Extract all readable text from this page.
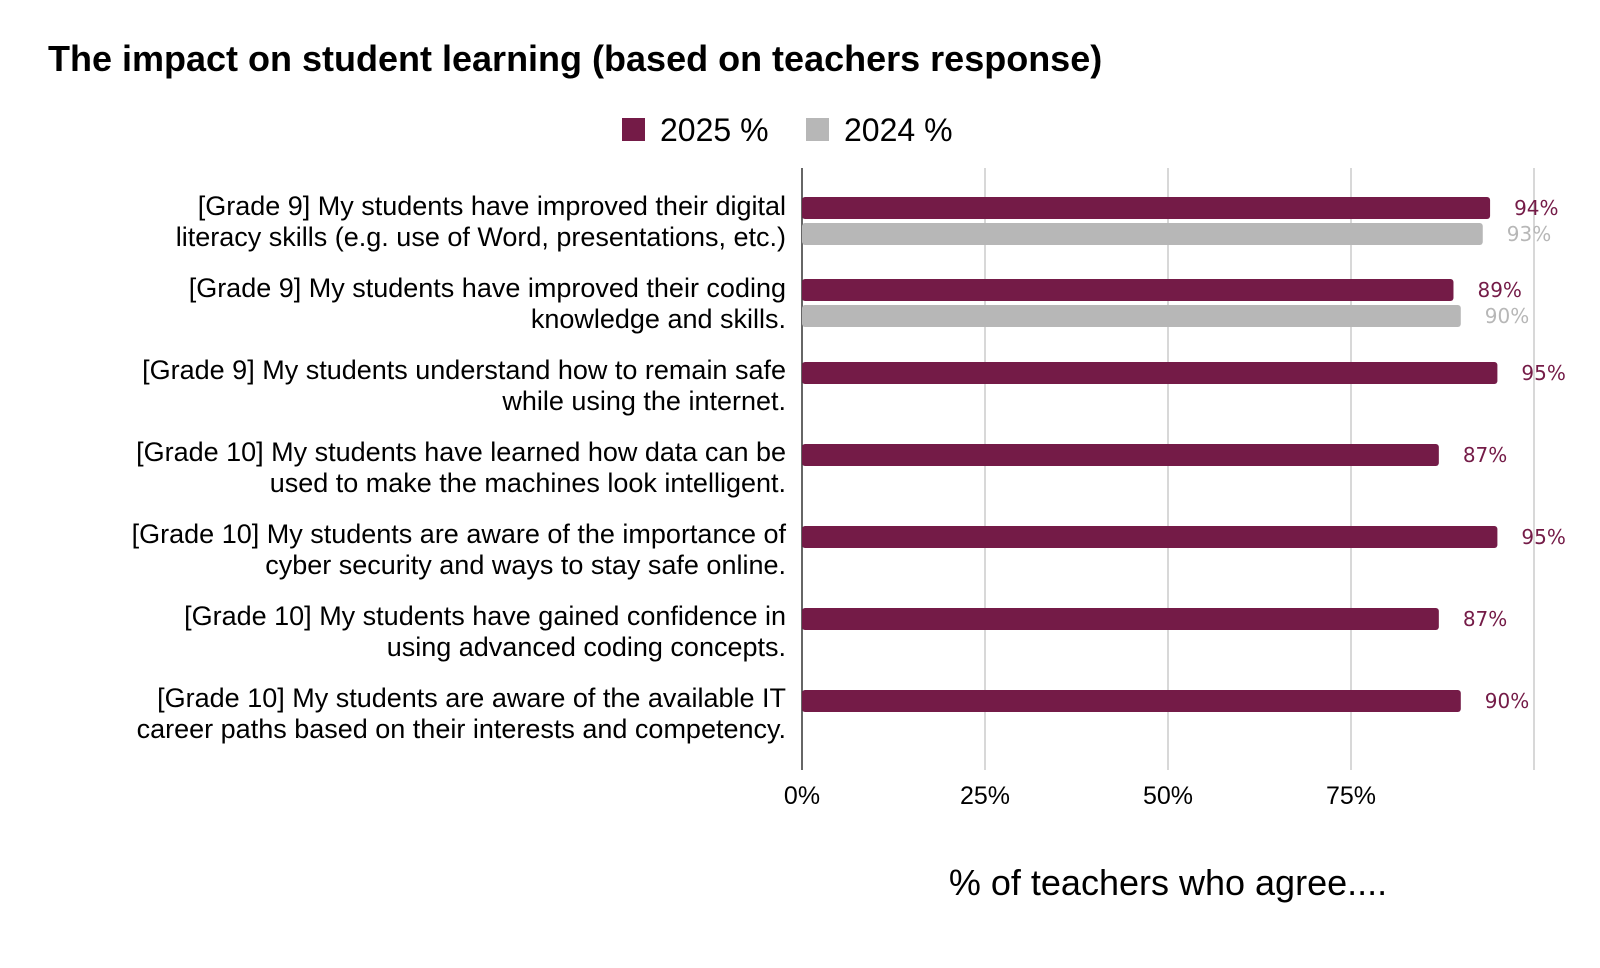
The impact on student learning (based on teachers response)
0%	25%	50%	75%
2025 % 2024 %
[Grade 9] My students have improved their digital
literacy skills (e.g. use of Word, presentations, etc.)
[Grade 9] My students have improved their coding
knowledge and skills.
[Grade 9] My students understand how to remain safe
while using the internet.
[Grade 10] My students have learned how data can be
used to make the machines look intelligent.
[Grade 10] My students are aware of the importance of
cyber security and ways to stay safe online.
[Grade 10] My students have gained confidence in
using advanced coding concepts.
[Grade 10] My students are aware of the available IT
career paths based on their interests and competency.
94%
93%
89%
90%
95%
87%
95%
87%
90%
% of teachers who agree....
